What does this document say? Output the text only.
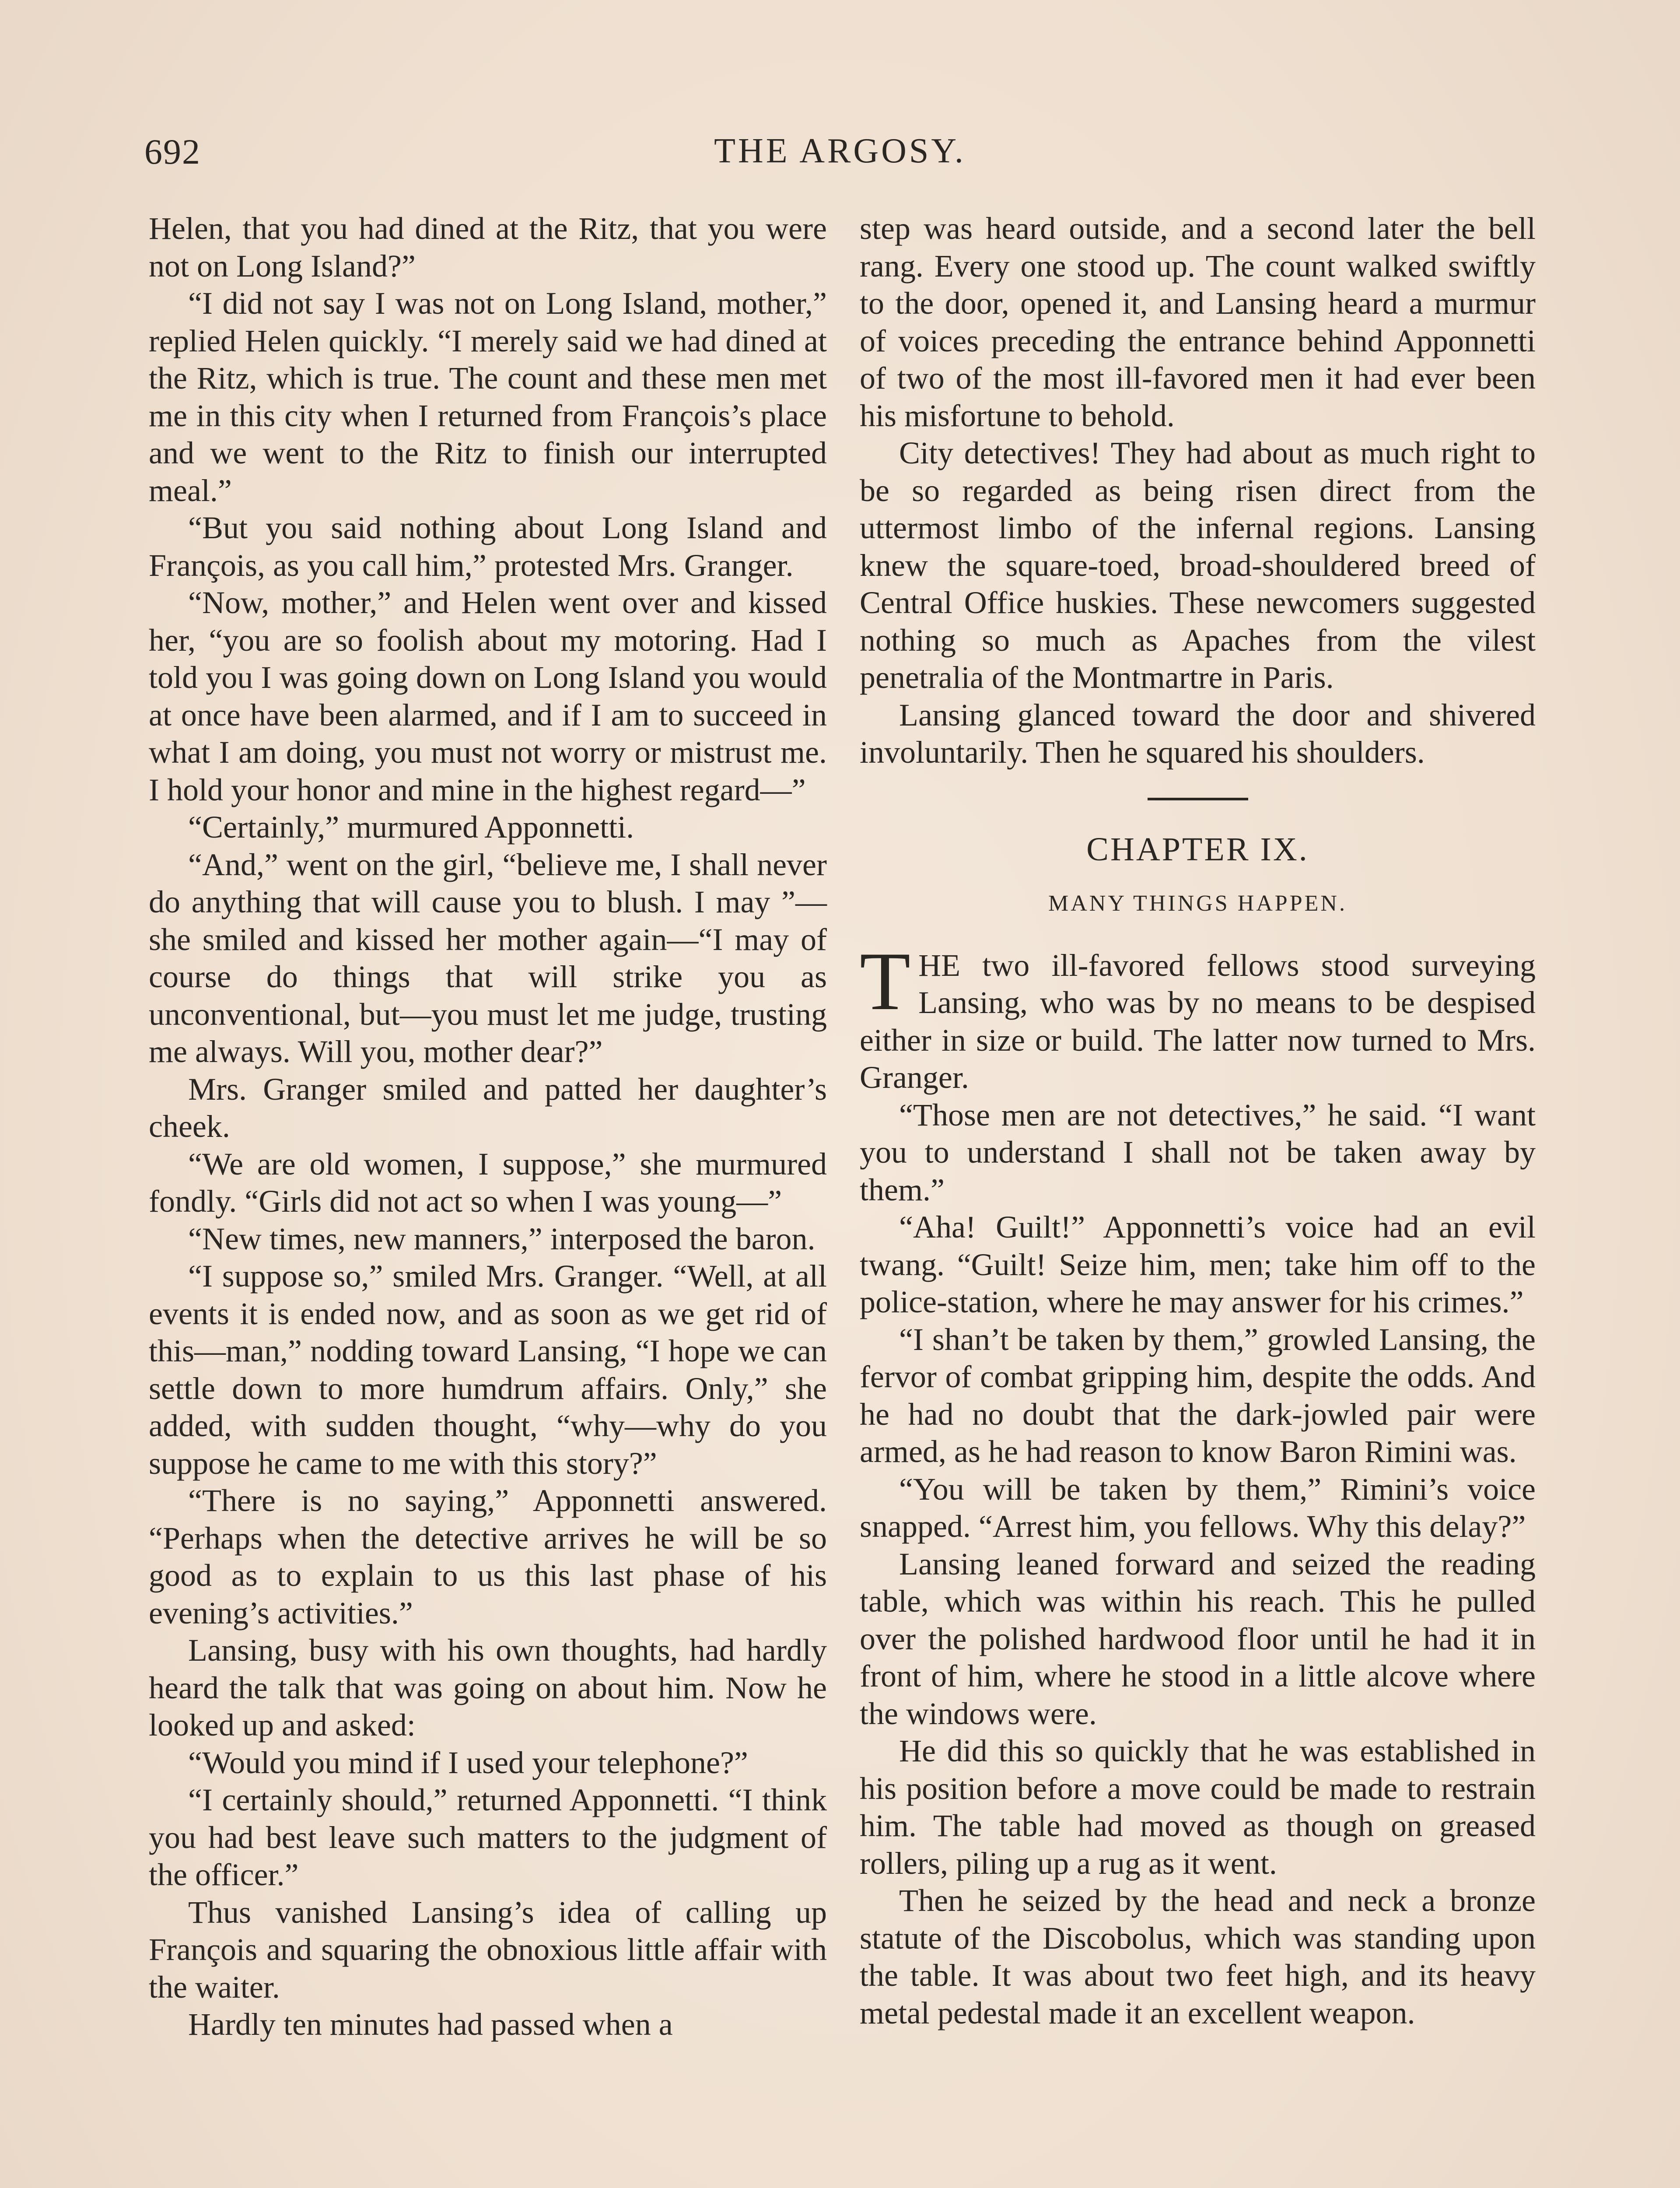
692	THE ARGOSY.

Helen, that you had dined at the Ritz, that you were not on Long Island?”

“I did not say I was not on Long Island, mother,” replied Helen quickly. “I merely said we had dined at the Ritz, which is true. The count and these men met me in this city when I returned from François’s place and we went to the Ritz to finish our interrupted meal.”

“But you said nothing about Long Island and François, as you call him,” protested Mrs. Granger.

“Now, mother,” and Helen went over and kissed her, “you are so foolish about my motoring. Had I told you I was going down on Long Island you would at once have been alarmed, and if I am to succeed in what I am doing, you must not worry or mistrust me. I hold your honor and mine in the highest regard—”

“Certainly,” murmured Apponnetti.

“And,” went on the girl, “believe me, I shall never do anything that will cause you to blush. I may ”—she smiled and kissed her mother again—“I may of course do things that will strike you as unconventional, but—you must let me judge, trusting me always. Will you, mother dear?”

Mrs. Granger smiled and patted her daughter’s cheek.

“We are old women, I suppose,” she murmured fondly. “Girls did not act so when I was young—”

“New times, new manners,” interposed the baron.

“I suppose so,” smiled Mrs. Granger. “Well, at all events it is ended now, and as soon as we get rid of this—man,” nodding toward Lansing, “I hope we can settle down to more humdrum affairs. Only,” she added, with sudden thought, “why—why do you suppose he came to me with this story?”

“There is no saying,” Apponnetti answered. “Perhaps when the detective arrives he will be so good as to explain to us this last phase of his evening’s activities.”

Lansing, busy with his own thoughts, had hardly heard the talk that was going on about him. Now he looked up and asked:

“Would you mind if I used your telephone?”

“I certainly should,” returned Apponnetti. “I think you had best leave such matters to the judgment of the officer.”

Thus vanished Lansing’s idea of calling up François and squaring the obnoxious little affair with the waiter.

Hardly ten minutes had passed when a

step was heard outside, and a second later the bell rang. Every one stood up. The count walked swiftly to the door, opened it, and Lansing heard a murmur of voices preceding the entrance behind Apponnetti of two of the most ill-favored men it had ever been his misfortune to behold.

City detectives! They had about as much right to be so regarded as being risen direct from the uttermost limbo of the infernal regions. Lansing knew the square-toed, broad-shouldered breed of Central Office huskies. These newcomers suggested nothing so much as Apaches from the vilest penetralia of the Montmartre in Paris.

Lansing glanced toward the door and shivered involuntarily. Then he squared his shoulders.

CHAPTER IX.
MANY THINGS HAPPEN.

THE two ill-favored fellows stood surveying Lansing, who was by no means to be despised either in size or build. The latter now turned to Mrs. Granger.

“Those men are not detectives,” he said. “I want you to understand I shall not be taken away by them.”

“Aha! Guilt!” Apponnetti’s voice had an evil twang. “Guilt! Seize him, men; take him off to the police-station, where he may answer for his crimes.”

“I shan’t be taken by them,” growled Lansing, the fervor of combat gripping him, despite the odds. And he had no doubt that the dark-jowled pair were armed, as he had reason to know Baron Rimini was.

“You will be taken by them,” Rimini’s voice snapped. “Arrest him, you fellows. Why this delay?”

Lansing leaned forward and seized the reading table, which was within his reach. This he pulled over the polished hardwood floor until he had it in front of him, where he stood in a little alcove where the windows were.

He did this so quickly that he was established in his position before a move could be made to restrain him. The table had moved as though on greased rollers, piling up a rug as it went.

Then he seized by the head and neck a bronze statute of the Discobolus, which was standing upon the table. It was about two feet high, and its heavy metal pedestal made it an excellent weapon.
